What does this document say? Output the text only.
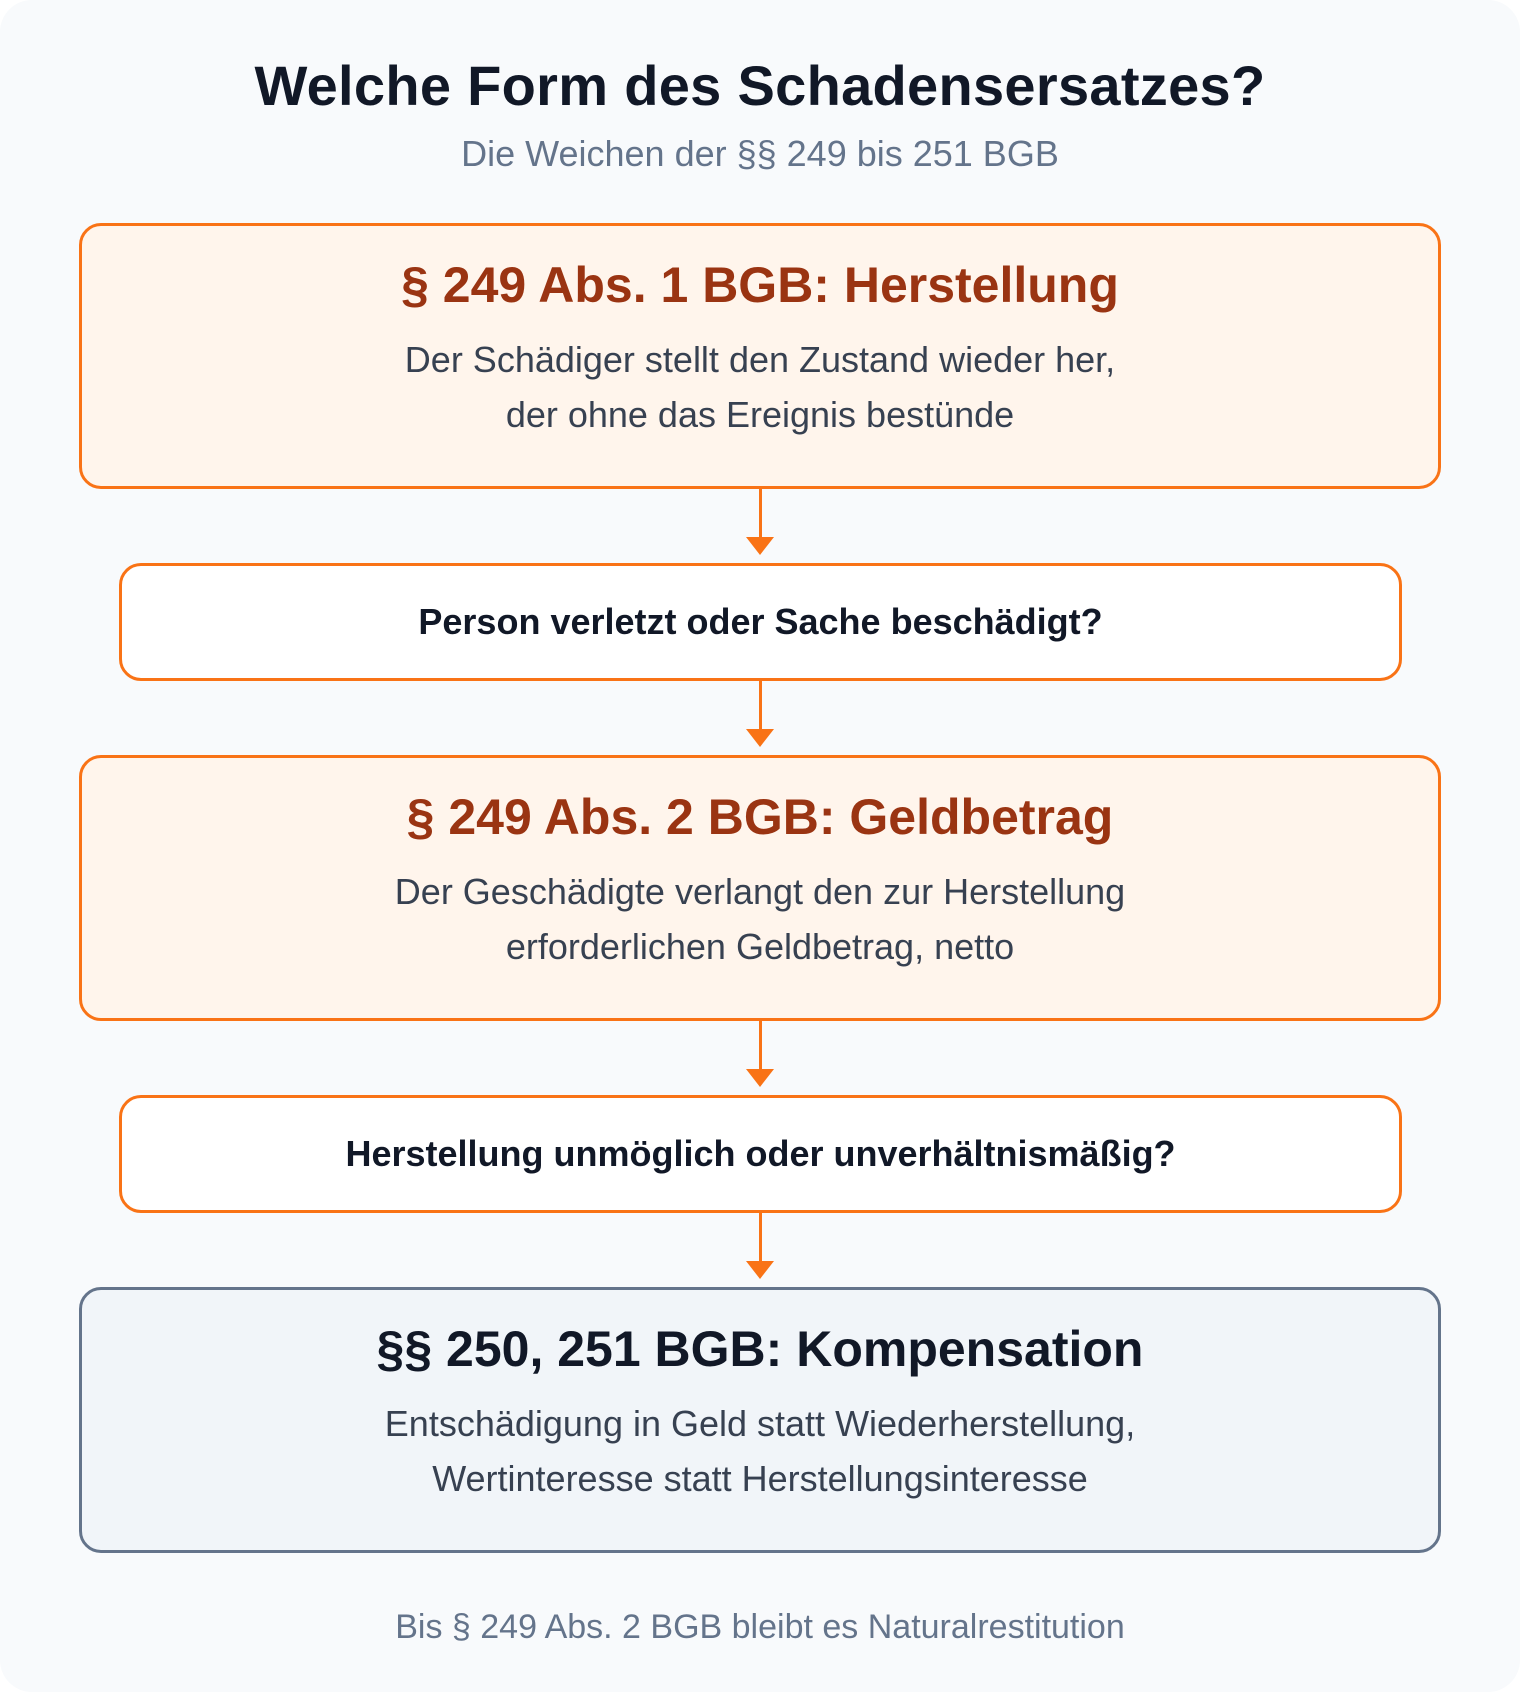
Welche Form des Schadensersatzes?
Die Weichen der §§ 249 bis 251 BGB
§ 249 Abs. 1 BGB: Herstellung
Der Schädiger stellt den Zustand wieder her,
der ohne das Ereignis bestünde
Person verletzt oder Sache beschädigt?
§ 249 Abs. 2 BGB: Geldbetrag
Der Geschädigte verlangt den zur Herstellung
erforderlichen Geldbetrag, netto
Herstellung unmöglich oder unverhältnismäßig?
§§ 250, 251 BGB: Kompensation
Entschädigung in Geld statt Wiederherstellung,
Wertinteresse statt Herstellungsinteresse
Bis § 249 Abs. 2 BGB bleibt es Naturalrestitution
